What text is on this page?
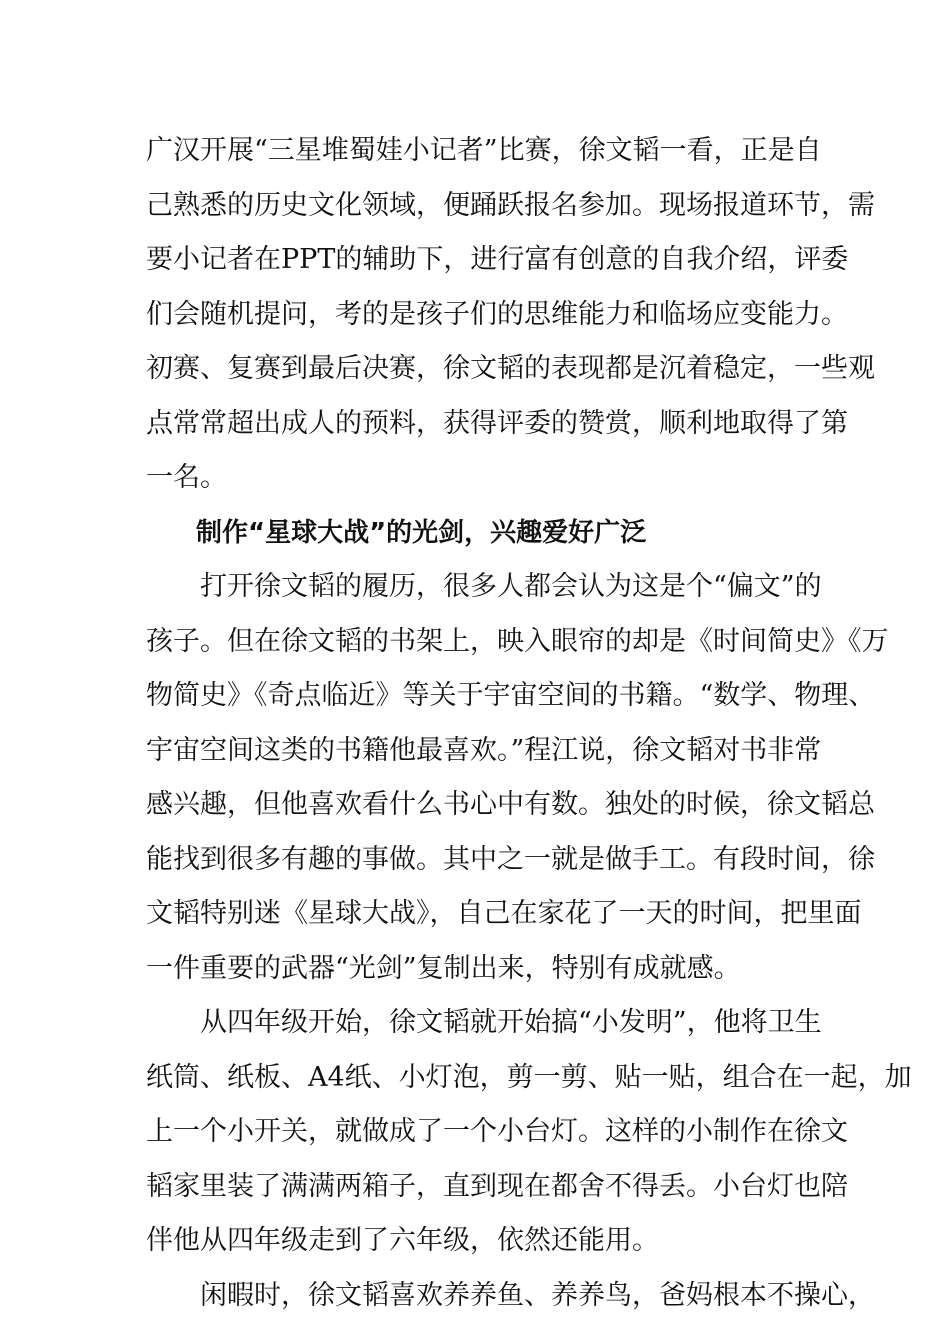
广汉开展“三星堆蜀娃小记者”比赛，徐文韬一看，正是自
己熟悉的历史文化领域，便踊跃报名参加。现场报道环节，需
要小记者在PPT的辅助下，进行富有创意的自我介绍，评委
们会随机提问，考的是孩子们的思维能力和临场应变能力。
初赛、复赛到最后决赛，徐文韬的表现都是沉着稳定，一些观
点常常超出成人的预料，获得评委的赞赏，顺利地取得了第
一名。
制作“星球大战”的光剑，兴趣爱好广泛
打开徐文韬的履历，很多人都会认为这是个“偏文”的
孩子。但在徐文韬的书架上，映入眼帘的却是《时间简史》《万
物简史》《奇点临近》等关于宇宙空间的书籍。“数学、物理、
宇宙空间这类的书籍他最喜欢。”程江说，徐文韬对书非常
感兴趣，但他喜欢看什么书心中有数。独处的时候，徐文韬总
能找到很多有趣的事做。其中之一就是做手工。有段时间，徐
文韬特别迷《星球大战》，自己在家花了一天的时间，把里面
一件重要的武器“光剑”复制出来，特别有成就感。
从四年级开始，徐文韬就开始搞“小发明”，他将卫生
纸筒、纸板、A4纸、小灯泡，剪一剪、贴一贴，组合在一起，加
上一个小开关，就做成了一个小台灯。这样的小制作在徐文
韬家里装了满满两箱子，直到现在都舍不得丢。小台灯也陪
伴他从四年级走到了六年级，依然还能用。
闲暇时，徐文韬喜欢养养鱼、养养鸟，爸妈根本不操心，
